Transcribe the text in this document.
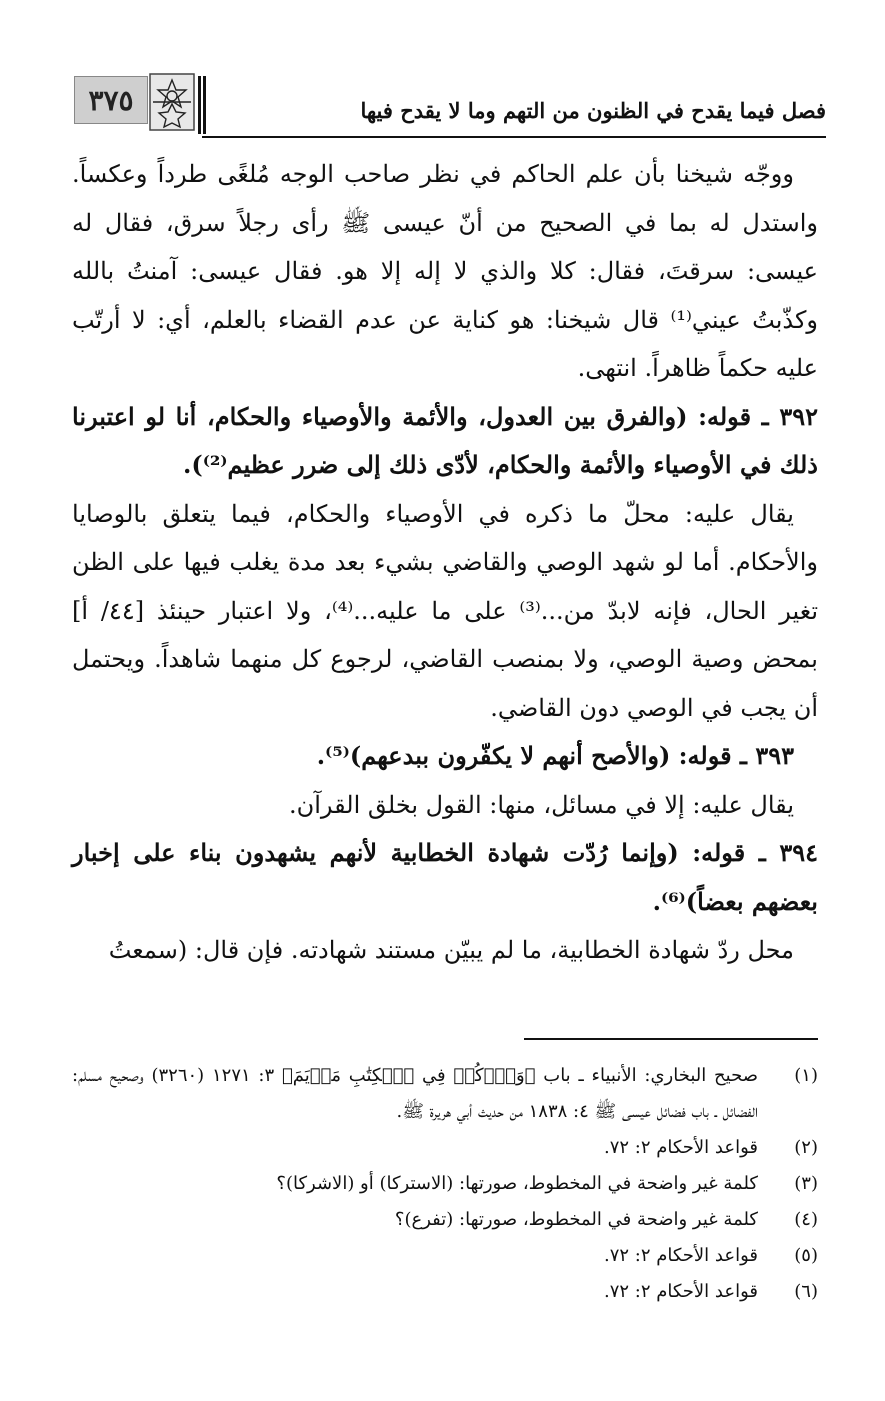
٣٧٥	فصل فيما يقدح في الظنون من التهم وما لا يقدح فيها

ووجّه شيخنا بأن علم الحاكم في نظر صاحب الوجه مُلغًى طرداً وعكساً. واستدل له بما في الصحيح من أنّ عيسى ﷺ رأى رجلاً سرق، فقال له عيسى: سرقتَ، فقال: كلا والذي لا إله إلا هو. فقال عيسى: آمنتُ بالله وكذّبتُ عيني⁽¹⁾ قال شيخنا: هو كناية عن عدم القضاء بالعلم، أي: لا أرتّب عليه حكماً ظاهراً. انتهى.

٣٩٢ ـ قوله: (والفرق بين العدول، والأئمة والأوصياء والحكام، أنا لو اعتبرنا ذلك في الأوصياء والأئمة والحكام، لأدّى ذلك إلى ضرر عظيم⁽²⁾).

يقال عليه: محلّ ما ذكره في الأوصياء والحكام، فيما يتعلق بالوصايا والأحكام. أما لو شهد الوصي والقاضي بشيء بعد مدة يغلب فيها على الظن تغير الحال، فإنه لابدّ من...⁽³⁾ على ما عليه...⁽⁴⁾، ولا اعتبار حينئذ [٤٤/ أ] بمحض وصية الوصي، ولا بمنصب القاضي، لرجوع كل منهما شاهداً. ويحتمل أن يجب في الوصي دون القاضي.

٣٩٣ ـ قوله: (والأصح أنهم لا يكفّرون ببدعهم)⁽⁵⁾.

يقال عليه: إلا في مسائل، منها: القول بخلق القرآن.

٣٩٤ ـ قوله: (وإنما رُدّت شهادة الخطابية لأنهم يشهدون بناء على إخبار بعضهم بعضاً)⁽⁶⁾.

محل ردّ شهادة الخطابية، ما لم يبيّن مستند شهادته. فإن قال: (سمعتُ

(١)
صحيح البخاري: الأنبياء ـ باب ﴿وَٱذۡكُرۡ فِي ٱلۡكِتَٰبِ مَرۡيَمَ﴾ ٣: ١٢٧١ (٣٢٦٠) وصحيح مسلم: الفضائل ـ باب فضائل عيسى ﷺ ٤: ١٨٣٨ من حديث أبي هريرة ﷺ.
(٢)
قواعد الأحكام ٢: ٧٢.
(٣)
كلمة غير واضحة في المخطوط، صورتها: (الاستركا) أو (الاشركا)؟
(٤)
كلمة غير واضحة في المخطوط، صورتها: (تفرع)؟
(٥)
قواعد الأحكام ٢: ٧٢.
(٦)
قواعد الأحكام ٢: ٧٢.
